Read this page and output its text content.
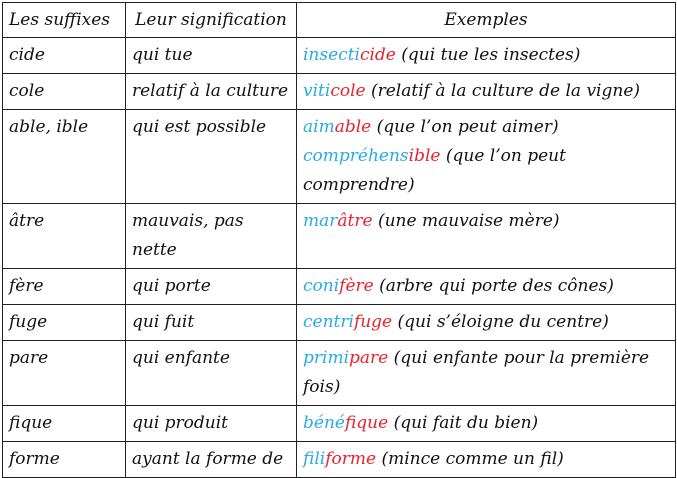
Les suffixes	Leur signification	Exemples
cide	qui tue	insecticide (qui tue les insectes)

cole	relatif à la culture	viticole (relatif à la culture de la vigne)

able, ible	qui est possible	aimable (que l’on peut aimer)
compréhensible (que l’on peut comprendre)

âtre	mauvais, pas nette	marâtre (une mauvaise mère)

fère	qui porte	conifère (arbre qui porte des cônes)

fuge	qui fuit	centrifuge (qui s’éloigne du centre)

pare	qui enfante	primipare (qui enfante pour la première fois)

fique	qui produit	bénéfique (qui fait du bien)

forme	ayant la forme de	filiforme (mince comme un fil)
